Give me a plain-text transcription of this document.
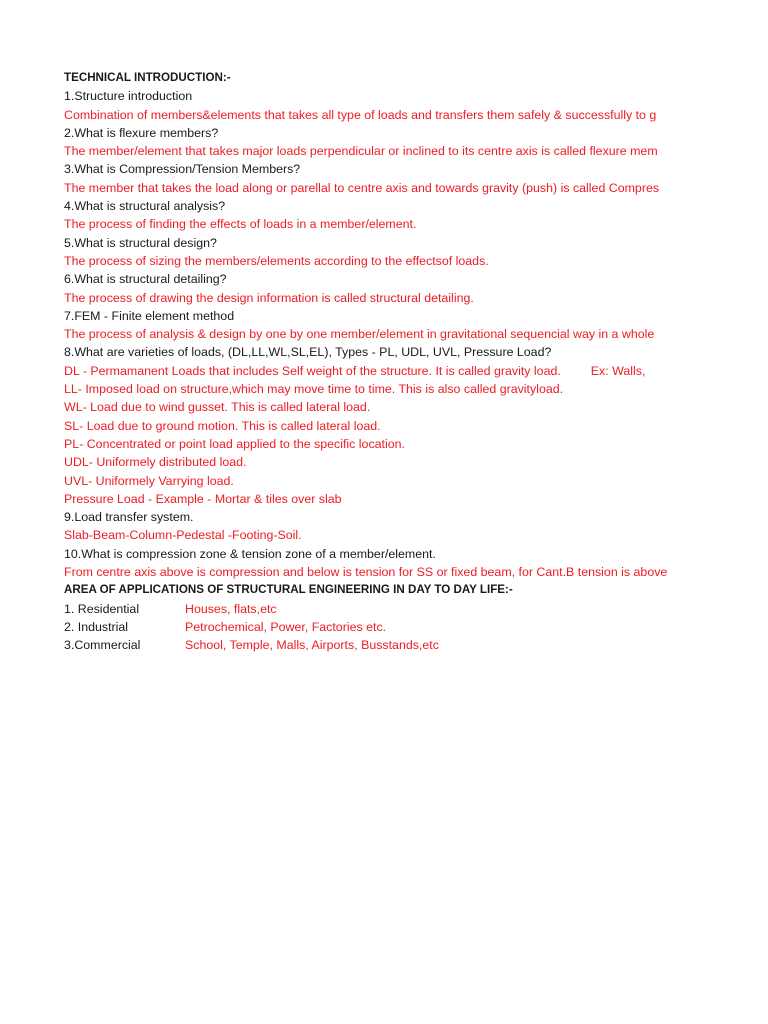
TECHNICAL INTRODUCTION:-
1.Structure introduction
Combination of members&elements that takes all type of loads and transfers them safely & successfully to g
2.What is flexure members?
The member/element that takes major loads perpendicular or inclined to its centre axis is called flexure mem
3.What is Compression/Tension Members?
The member that takes the load along or parellal to centre axis and towards gravity (push) is called Compres
4.What is structural analysis?
The process of finding the effects of loads in a member/element.
5.What is structural design?
The process of sizing the members/elements according to the effectsof loads.
6.What is structural detailing?
The process of drawing the design information is called structural detailing.
7.FEM - Finite element method
The process of analysis & design by one by one member/element in gravitational sequencial way in a whole
8.What are varieties of loads, (DL,LL,WL,SL,EL), Types - PL, UDL, UVL, Pressure Load?
DL - Permamanent Loads that includes Self weight of the structure. It is called gravity load. Ex: Walls,
LL- Imposed load on structure,which may move time to time. This is also called gravityload.
WL- Load due to wind gusset. This is called lateral load.
SL- Load due to ground motion. This is called lateral load.
PL- Concentrated or point load applied to the specific location.
UDL- Uniformely distributed load.
UVL- Uniformely Varrying load.
Pressure Load - Example - Mortar & tiles over slab
9.Load transfer system.
Slab-Beam-Column-Pedestal -Footing-Soil.
10.What is compression zone & tension zone of a member/element.
From centre axis above is compression and below is tension for SS or fixed beam, for Cant.B tension is above
AREA OF APPLICATIONS OF STRUCTURAL ENGINEERING IN DAY TO DAY LIFE:-
1. Residential	Houses, flats,etc
2. Industrial	Petrochemical, Power, Factories etc.
3.Commercial	School, Temple, Malls, Airports, Busstands,etc
